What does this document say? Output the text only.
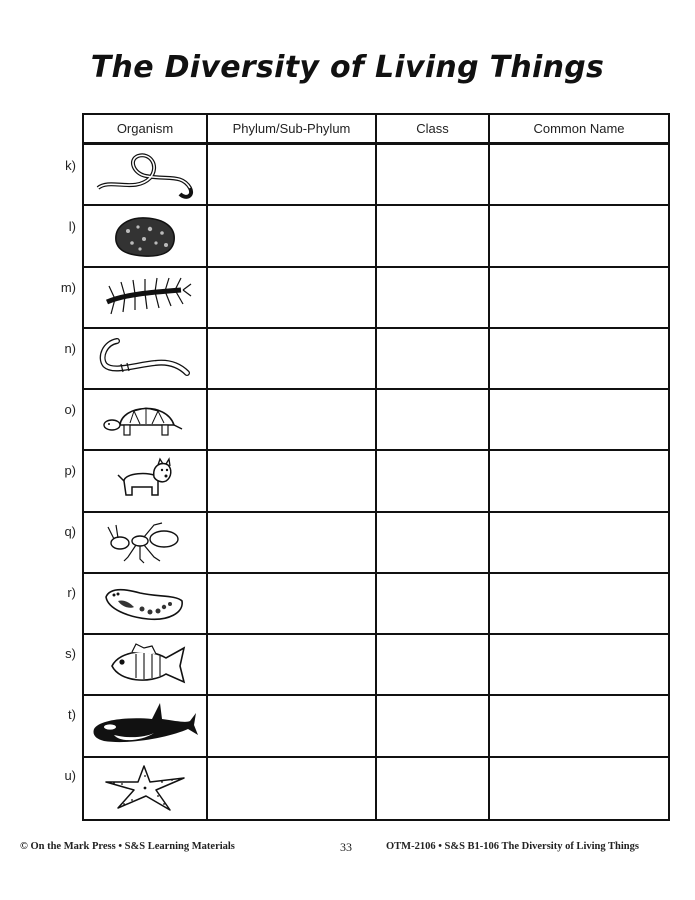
The Diversity of Living Things
k)
l)
m)
n)
o)
p)
q)
r)
s)
t)
u)
Organism	Phylum/Sub-Phylum	Class	Common Name
© On the Mark Press • S&S Learning Materials	33	OTM-2106 • S&S B1-106 The Diversity of Living Things
